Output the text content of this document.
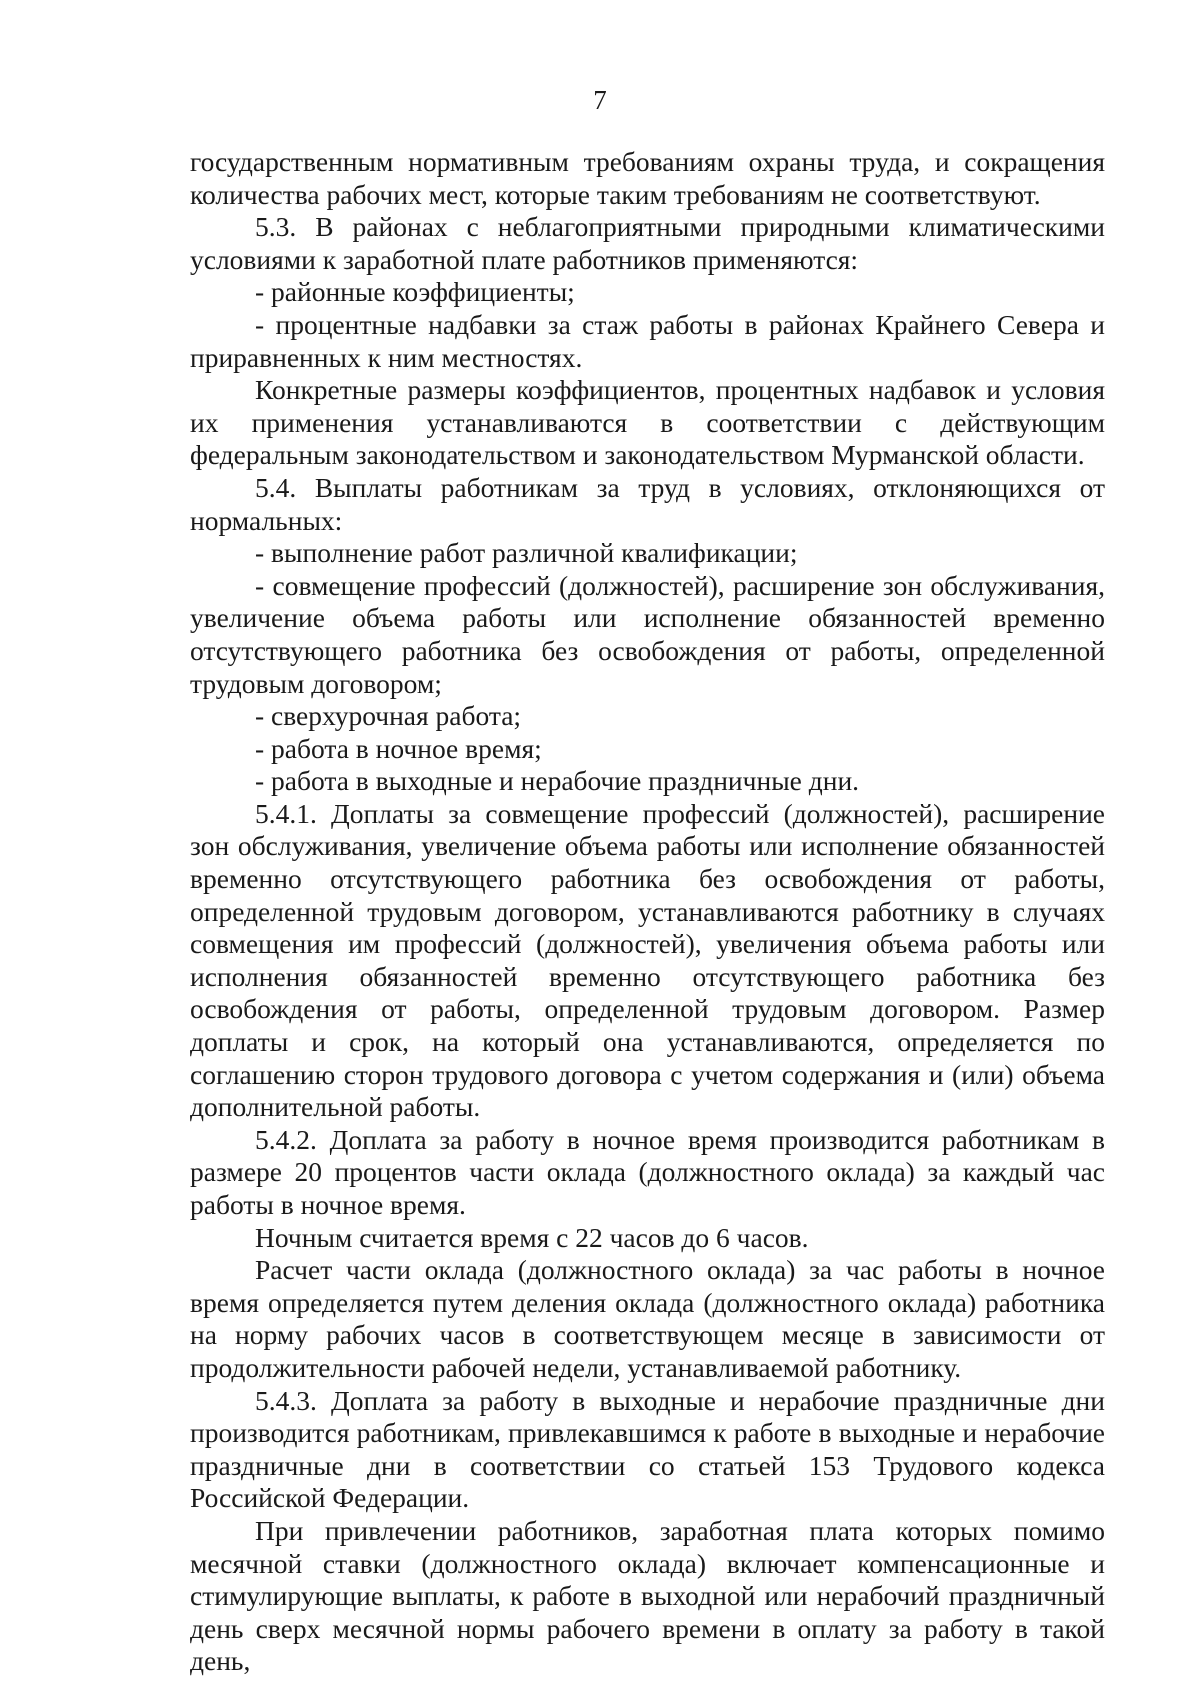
7

государственным нормативным требованиям охраны труда, и сокращения количества рабочих мест, которые таким требованиям не соответствуют.

5.3. В районах с неблагоприятными природными климатическими условиями к заработной плате работников применяются:

- районные коэффициенты;

- процентные надбавки за стаж работы в районах Крайнего Севера и приравненных к ним местностях.

Конкретные размеры коэффициентов, процентных надбавок и условия их применения устанавливаются в соответствии с действующим федеральным законодательством и законодательством Мурманской области.

5.4. Выплаты работникам за труд в условиях, отклоняющихся от нормальных:

- выполнение работ различной квалификации;

- совмещение профессий (должностей), расширение зон обслуживания, увеличение объема работы или исполнение обязанностей временно отсутствующего работника без освобождения от работы, определенной трудовым договором;

- сверхурочная работа;

- работа в ночное время;

- работа в выходные и нерабочие праздничные дни.

5.4.1. Доплаты за совмещение профессий (должностей), расширение зон обслуживания, увеличение объема работы или исполнение обязанностей временно отсутствующего работника без освобождения от работы, определенной трудовым договором, устанавливаются работнику в случаях совмещения им профессий (должностей), увеличения объема работы или исполнения обязанностей временно отсутствующего работника без освобождения от работы, определенной трудовым договором. Размер доплаты и срок, на который она устанавливаются, определяется по соглашению сторон трудового договора с учетом содержания и (или) объема дополнительной работы.

5.4.2. Доплата за работу в ночное время производится работникам в размере 20 процентов части оклада (должностного оклада) за каждый час работы в ночное время.

Ночным считается время с 22 часов до 6 часов.

Расчет части оклада (должностного оклада) за час работы в ночное время определяется путем деления оклада (должностного оклада) работника на норму рабочих часов в соответствующем месяце в зависимости от продолжительности рабочей недели, устанавливаемой работнику.

5.4.3. Доплата за работу в выходные и нерабочие праздничные дни производится работникам, привлекавшимся к работе в выходные и нерабочие праздничные дни в соответствии со статьей 153 Трудового кодекса Российской Федерации.

При привлечении работников, заработная плата которых помимо месячной ставки (должностного оклада) включает компенсационные и стимулирующие выплаты, к работе в выходной или нерабочий праздничный день сверх месячной нормы рабочего времени в оплату за работу в такой день,
